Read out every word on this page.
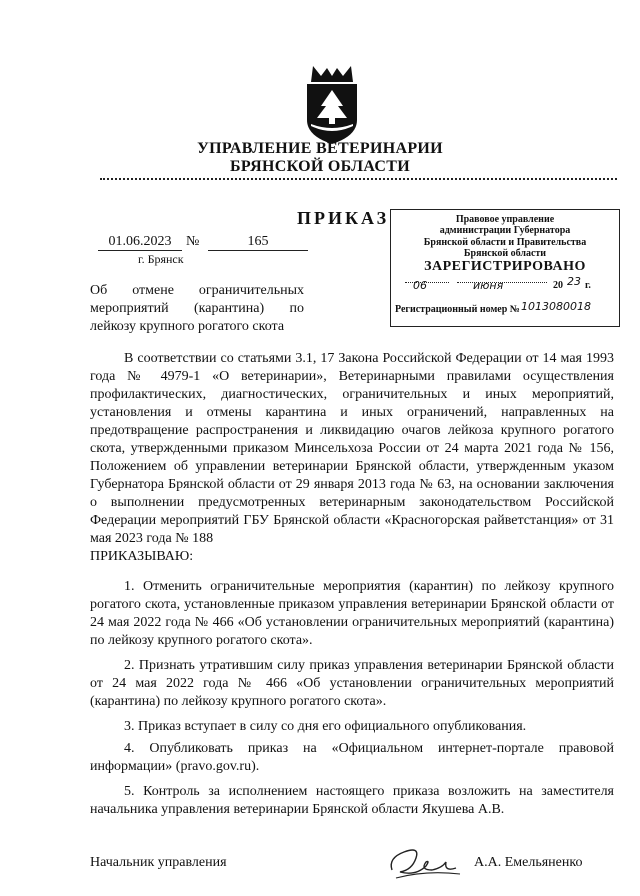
УПРАВЛЕНИЕ ВЕТЕРИНАРИИ
БРЯНСКОЙ ОБЛАСТИ
ПРИКАЗ
01.06.2023	№	165
г. Брянск
Об отмене ограничительных мероприятий (карантина) по лейкозу крупного рогатого скота
Правовое управление
администрации Губернатора
Брянской области и Правительства
Брянской области
ЗАРЕГИСТРИРОВАНО
06	июня	20 23 г.
Регистрационный номер № 1013080018
В соответствии со статьями 3.1, 17 Закона Российской Федерации от 14 мая 1993 года № 4979-1 «О ветеринарии», Ветеринарными правилами осуществления профилактических, диагностических, ограничительных и иных мероприятий, установления и отмены карантина и иных ограничений, направленных на предотвращение распространения и ликвидацию очагов лейкоза крупного рогатого скота, утвержденными приказом Минсельхоза России от 24 марта 2021 года № 156, Положением об управлении ветеринарии Брянской области, утвержденным указом Губернатора Брянской области от 29 января 2013 года № 63, на основании заключения о выполнении предусмотренных ветеринарным законодательством Российской Федерации мероприятий ГБУ Брянской области «Красногорская райветстанция» от 31 мая 2023 года № 188
ПРИКАЗЫВАЮ:

1. Отменить ограничительные мероприятия (карантин) по лейкозу крупного рогатого скота, установленные приказом управления ветеринарии Брянской области от 24 мая 2022 года № 466 «Об установлении ограничительных мероприятий (карантина) по лейкозу крупного рогатого скота».

2. Признать утратившим силу приказ управления ветеринарии Брянской области от 24 мая 2022 года № 466 «Об установлении ограничительных мероприятий (карантина) по лейкозу крупного рогатого скота».

3. Приказ вступает в силу со дня его официального опубликования.

4. Опубликовать приказ на «Официальном интернет-портале правовой информации» (pravo.gov.ru).

5. Контроль за исполнением настоящего приказа возложить на заместителя начальника управления ветеринарии Брянской области Якушева А.В.

Начальник управления	А.А. Емельяненко
